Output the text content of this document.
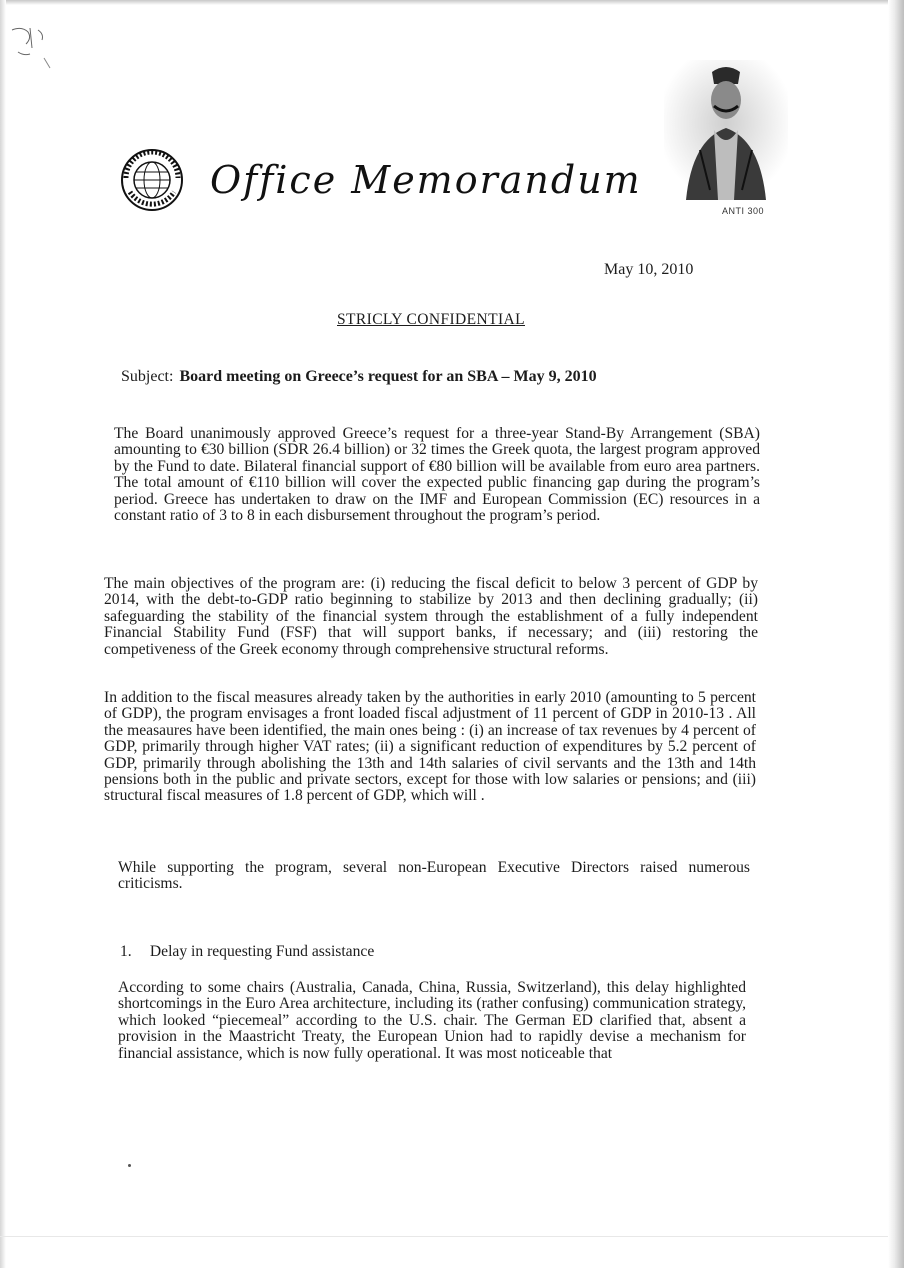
Office Memorandum
ANTI 300
May 10, 2010
STRICLY CONFIDENTIAL
Subject: Board meeting on Greece’s request for an SBA – May 9, 2010
The Board unanimously approved Greece’s request for a three-year Stand-By Arrangement (SBA) amounting to €30 billion (SDR 26.4 billion) or 32 times the Greek quota, the largest program approved by the Fund to date. Bilateral financial support of €80 billion will be available from euro area partners. The total amount of €110 billion will cover the expected public financing gap during the program’s period. Greece has undertaken to draw on the IMF and European Commission (EC) resources in a constant ratio of 3 to 8 in each disbursement throughout the program’s period.
The main objectives of the program are: (i) reducing the fiscal deficit to below 3 percent of GDP by 2014, with the debt-to-GDP ratio beginning to stabilize by 2013 and then declining gradually; (ii) safeguarding the stability of the financial system through the establishment of a fully independent Financial Stability Fund (FSF) that will support banks, if necessary; and (iii) restoring the competiveness of the Greek economy through comprehensive structural reforms.
In addition to the fiscal measures already taken by the authorities in early 2010 (amounting to 5 percent of GDP), the program envisages a front loaded fiscal adjustment of 11 percent of GDP in 2010-13 . All the measaures have been identified, the main ones being : (i) an increase of tax revenues by 4 percent of GDP, primarily through higher VAT rates; (ii) a significant reduction of expenditures by 5.2 percent of GDP, primarily through abolishing the 13th and 14th salaries of civil servants and the 13th and 14th pensions both in the public and private sectors, except for those with low salaries or pensions; and (iii) structural fiscal measures of 1.8 percent of GDP, which will .
While supporting the program, several non-European Executive Directors raised numerous criticisms.
1. Delay in requesting Fund assistance
According to some chairs (Australia, Canada, China, Russia, Switzerland), this delay highlighted shortcomings in the Euro Area architecture, including its (rather confusing) communication strategy, which looked “piecemeal” according to the U.S. chair. The German ED clarified that, absent a provision in the Maastricht Treaty, the European Union had to rapidly devise a mechanism for financial assistance, which is now fully operational. It was most noticeable that
